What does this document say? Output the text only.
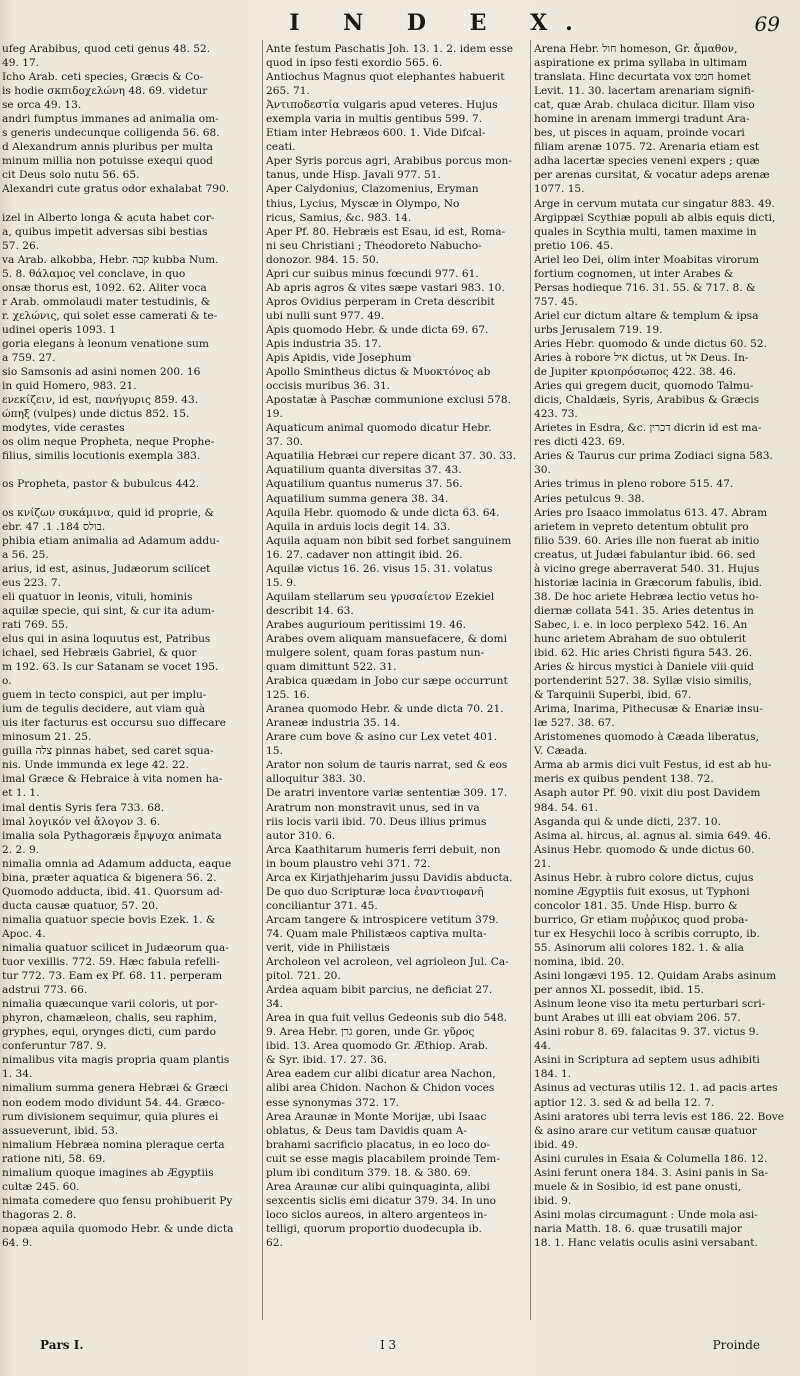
I N D E X.	69
ufeg Arabibus, quod ceti genus 48. 52.
49. 17.
Icho Arab. ceti species, Græcis & Co-
is hodie σκπιδοχελώνη 48. 69. videtur
se orca 49. 13.
andri fumptus immanes ad animalia om-
s generis undecunque colligenda 56. 68.
d Alexandrum annis pluribus per multa
minum millia non potuisse exequi quod
cit Deus solo nutu 56. 65.
Alexandri cute gratus odor exhalabat 790.

izel in Alberto longa & acuta habet cor-
a, quibus impetit adversas sibi bestias
57. 26.
va Arab. alkobba, Hebr. קבה kubba Num.
5. 8. θάλαμος vel conclave, in quo
onsæ thorus est, 1092. 62. Aliter voca
r Arab. ommolaudi mater testudinis, &
r. χελώνις, qui solet esse camerati & te-
udinei operis 1093. 1
goria elegans à leonum venatione sum
a 759. 27.
sio Samsonis ad asini nomen 200. 16
in quid Homero, 983. 21.
ενεκίζειν, id est, πανήγυρις 859. 43.
ώπηξ (vulpes) unde dictus 852. 15.
modytes, vide cerastes
os olim neque Propheta, neque Prophe-
filius, similis locutionis exempla 383.

os Propheta, pastor & bubulcus 442.

os κνίζων συκάμινα, quid id proprie, &
ebr. בולס 184. 1. 47.
phibia etiam animalia ad Adamum addu-
a 56. 25.
arius, id est, asinus, Judæorum scilicet
eus 223. 7.
eli quatuor in leonis, vituli, hominis
aquilæ specie, qui sint, & cur ita adum-
rati 769. 55.
elus qui in asina loquutus est, Patribus
ichael, sed Hebræis Gabriel, & quor
m 192. 63. Is cur Satanam se vocet 195.
o.
guem in tecto conspici, aut per implu-
ium de tegulis decidere, aut viam quà
uis iter facturus est occursu suo diffecare
minosum 21. 25.
guilla צלה pinnas habet, sed caret squa-
nis. Unde immunda ex lege 42. 22.
imal Græce & Hebraice à vita nomen ha-
et 1. 1.
imal dentis Syris fera 733. 68.
imal λογικόν vel ἄλογον 3. 6.
imalia sola Pythagoræis ἔμψυχα animata
2. 2. 9.
nimalia omnia ad Adamum adducta, eaque
bina, præter aquatica & bigenera 56. 2.
Quomodo adducta, ibid. 41. Quorsum ad-
ducta causæ quatuor, 57. 20.
nimalia quatuor specie bovis Ezek. 1. &
Apoc. 4.
nimalia quatuor scilicet in Judæorum qua-
tuor vexillis. 772. 59. Hæc fabula refelli-
tur 772. 73. Eam ex Pf. 68. 11. perperam
adstrui 773. 66.
nimalia quæcunque varii coloris, ut por-
phyron, chamæleon, chalis, seu raphim,
gryphes, equi, orynges dicti, cum pardo
conferuntur 787. 9.
nimalibus vita magis propria quam plantis
1. 34.
nimalium summa genera Hebræi & Græci
non eodem modo dividunt 54. 44. Græco-
rum divisionem sequimur, quia plures ei
assueverunt, ibid. 53.
nimalium Hebræa nomina pleraque certa
ratione niti, 58. 69.
nimalium quoque imagines ab Ægyptiis
cultæ 245. 60.
nimata comedere quo fensu prohibuerit Py
thagoras 2. 8.
nopæa aquila quomodo Hebr. & unde dicta
64. 9.
Ante festum Paschatis Joh. 13. 1. 2. idem esse
quod in ipso festi exordio 565. 6.
Antiochus Magnus quot elephantes habuerit
265. 71.
Ἀντιποδεστία vulgaris apud veteres. Hujus
exempla varia in multis gentibus 599. 7.
Etiam inter Hebræos 600. 1. Vide Difcal-
ceati.
Aper Syris porcus agri, Arabibus porcus mon-
tanus, unde Hisp. Javali 977. 51.
Aper Calydonius, Clazomenius, Eryman
thius, Lycius, Myscæ in Olympo, No
ricus, Samius, &c. 983. 14.
Aper Pf. 80. Hebræis est Esau, id est, Roma-
ni seu Christiani ; Theodoreto Nabucho-
donozor. 984. 15. 50.
Apri cur suibus minus fœcundi 977. 61.
Ab apris agros & vites sæpe vastari 983. 10.
Apros Ovidius perperam in Creta describit
ubi nulli sunt 977. 49.
Apis quomodo Hebr. & unde dicta 69. 67.
Apis industria 35. 17.
Apis Apidis, vide Josephum
Apollo Smintheus dictus & Μυοκτόνος ab
occisis muribus 36. 31.
Apostatæ à Paschæ communione exclusi 578.
19.
Aquaticum animal quomodo dicatur Hebr.
37. 30.
Aquatilia Hebræi cur repere dicant 37. 30. 33.
Aquatilium quanta diversitas 37. 43.
Aquatilium quantus numerus 37. 56.
Aquatilium summa genera 38. 34.
Aquila Hebr. quomodo & unde dicta 63. 64.
Aquila in arduis locis degit 14. 33.
Aquila aquam non bibit sed forbet sanguinem
16. 27. cadaver non attingit ibid. 26.
Aquilæ victus 16. 26. visus 15. 31. volatus
15. 9.
Aquilam stellarum seu γρυσαίετον Ezekiel
describit 14. 63.
Arabes augurioum peritissimi 19. 46.
Arabes ovem aliquam mansuefacere, & domi
mulgere solent, quam foras pastum nun-
quam dimittunt 522. 31.
Arabica quædam in Jobo cur sæpe occurrunt
125. 16.
Aranea quomodo Hebr. & unde dicta 70. 21.
Araneæ industria 35. 14.
Arare cum bove & asino cur Lex vetet 401.
15.
Arator non solum de tauris narrat, sed & eos
alloquitur 383. 30.
De aratri inventore variæ sententiæ 309. 17.
Aratrum non monstravit unus, sed in va
riis locis varii ibid. 70. Deus illius primus
autor 310. 6.
Arca Kaathitarum humeris ferri debuit, non
in boum plaustro vehi 371. 72.
Arca ex Kirjathjeharim jussu Davidis abducta.
De quo duo Scripturæ loca ἐναντιοφανῆ
conciliantur 371. 45.
Arcam tangere & introspicere vetitum 379.
74. Quam male Philistæos captiva multa-
verit, vide in Philistæis
Archoleon vel acroleon, vel agrioleon Jul. Ca-
pitol. 721. 20.
Ardea aquam bibit parcius, ne deficiat 27.
34.
Area in qua fuit vellus Gedeonis sub dio 548.
9. Area Hebr. גרן goren, unde Gr. γῦρος
ibid. 13. Area quomodo Gr. Æthiop. Arab.
& Syr. ibid. 17. 27. 36.
Area eadem cur alibi dicatur area Nachon,
alibi area Chidon. Nachon & Chidon voces
esse synonymas 372. 17.
Area Araunæ in Monte Morijæ, ubi Isaac
oblatus, & Deus tam Davidis quam A-
brahami sacrificio placatus, in eo loco do-
cuit se esse magis placabilem proinde Tem-
plum ibi conditum 379. 18. & 380. 69.
Area Araunæ cur alibi quinquaginta, alibi
sexcentis siclis emi dicatur 379. 34. In uno
loco siclos aureos, in altero argenteos in-
telligi, quorum proportio duodecupla ib.
62.
Arena Hebr. חול homeson, Gr. ἄμαθον,
aspiratione ex prima syllaba in ultimam
translata. Hinc decurtata vox חמט homet
Levit. 11. 30. lacertam arenariam signifi-
cat, quæ Arab. chulaca dicitur. Illam viso
homine in arenam immergi tradunt Ara-
bes, ut pisces in aquam, proinde vocari
filiam arenæ 1075. 72. Arenaria etiam est
adha lacertæ species veneni expers ; quæ
per arenas cursitat, & vocatur adeps arenæ
1077. 15.
Arge in cervum mutata cur singatur 883. 49.
Argippæi Scythiæ populi ab albis equis dicti,
quales in Scythia multi, tamen maxime in
pretio 106. 45.
Ariel leo Dei, olim inter Moabitas virorum
fortium cognomen, ut inter Arabes &
Persas hodieque 716. 31. 55. & 717. 8. &
757. 45.
Ariel cur dictum altare & templum & ipsa
urbs Jerusalem 719. 19.
Aries Hebr. quomodo & unde dictus 60. 52.
Aries à robore איל dictus, ut אל Deus. In-
de Jupiter κριοπρόσωπος 422. 38. 46.
Aries qui gregem ducit, quomodo Talmu-
dicis, Chaldæis, Syris, Arabibus & Græcis
423. 73.
Arietes in Esdra, &c. דכרין dicrin id est ma-
res dicti 423. 69.
Aries & Taurus cur prima Zodiaci signa 583.
30.
Aries trimus in pleno robore 515. 47.
Aries petulcus 9. 38.
Aries pro Isaaco immolatus 613. 47. Abram
arietem in vepreto detentum obtulit pro
filio 539. 60. Aries ille non fuerat ab initio
creatus, ut Judæi fabulantur ibid. 66. sed
à vicino grege aberraverat 540. 31. Hujus
historiæ lacinia in Græcorum fabulis, ibid.
38. De hoc ariete Hebræa lectio vetus ho-
diernæ collata 541. 35. Aries detentus in
Sabec, i. e. in loco perplexo 542. 16. An
hunc arietem Abraham de suo obtulerit
ibid. 62. Hic aries Christi figura 543. 26.
Aries & hircus mystici à Daniele viii quid
portenderint 527. 38. Syllæ visio similis,
& Tarquinii Superbi, ibid. 67.
Arima, Inarima, Pithecusæ & Enariæ insu-
læ 527. 38. 67.
Aristomenes quomodo à Cæada liberatus,
V. Cæada.
Arma ab armis dici vult Festus, id est ab hu-
meris ex quibus pendent 138. 72.
Asaph autor Pf. 90. vixit diu post Davidem
984. 54. 61.
Asganda qui & unde dicti, 237. 10.
Asima al. hircus, al. agnus al. simia 649. 46.
Asinus Hebr. quomodo & unde dictus 60.
21.
Asinus Hebr. à rubro colore dictus, cujus
nomine Ægyptiis fuit exosus, ut Typhoni
concolor 181. 35. Unde Hisp. burro &
burrico, Gr etiam πυῤῥικος quod proba-
tur ex Hesychii loco à scribis corrupto, ib.
55. Asinorum alii colores 182. 1. & alia
nomina, ibid. 20.
Asini longævi 195. 12. Quidam Arabs asinum
per annos XL possedit, ibid. 15.
Asinum leone viso ita metu perturbari scri-
bunt Arabes ut illi eat obviam 206. 57.
Asini robur 8. 69. falacitas 9. 37. victus 9.
44.
Asini in Scriptura ad septem usus adhibiti
184. 1.
Asinus ad vecturas utilis 12. 1. ad pacis artes
aptior 12. 3. sed & ad bella 12. 7.
Asini aratores ubi terra levis est 186. 22. Bove
& asino arare cur vetitum causæ quatuor
ibid. 49.
Asini curules in Esaia & Columella 186. 12.
Asini ferunt onera 184. 3. Asini panis in Sa-
muele & in Sosibio, id est pane onusti,
ibid. 9.
Asini molas circumagunt : Unde mola asi-
naria Matth. 18. 6. quæ trusatili major
18. 1. Hanc velatis oculis asini versabant.

Pars I.	I 3	Proinde
